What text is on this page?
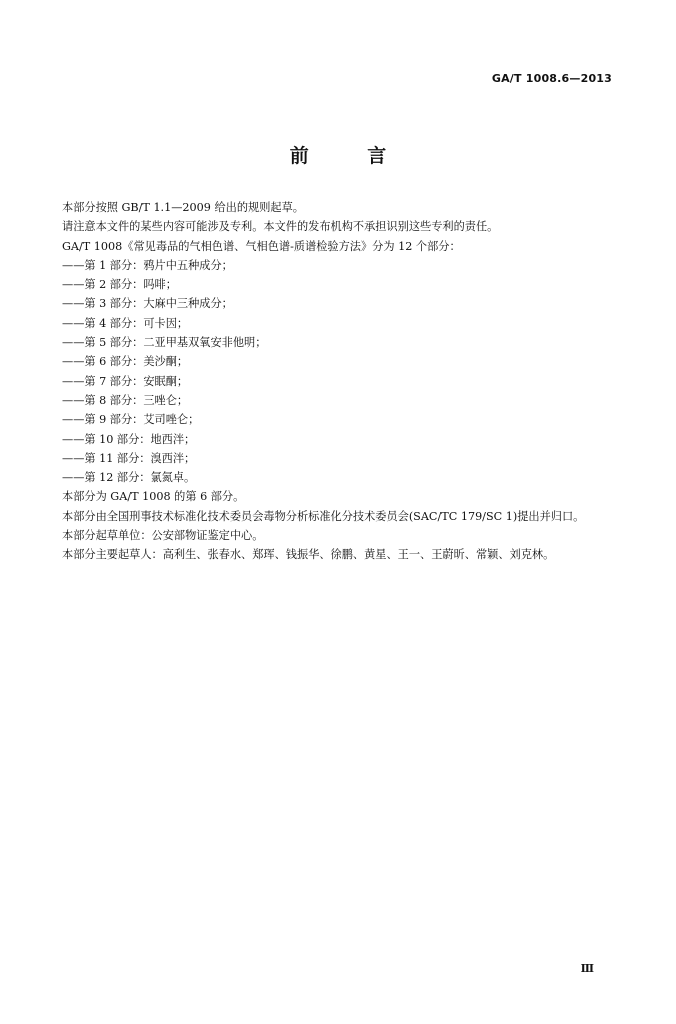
GA/T 1008.6—2013
前 言

本部分按照 GB/T 1.1—2009 给出的规则起草。

请注意本文件的某些内容可能涉及专利。本文件的发布机构不承担识别这些专利的责任。

GA/T 1008《常见毒品的气相色谱、气相色谱-质谱检验方法》分为 12 个部分：

——第 1 部分：鸦片中五种成分；
——第 2 部分：吗啡；
——第 3 部分：大麻中三种成分；
——第 4 部分：可卡因；
——第 5 部分：二亚甲基双氧安非他明；
——第 6 部分：美沙酮；
——第 7 部分：安眠酮；
——第 8 部分：三唑仑；
——第 9 部分：艾司唑仑；
——第 10 部分：地西泮；
——第 11 部分：溴西泮；
——第 12 部分：氯氮卓。

本部分为 GA/T 1008 的第 6 部分。

本部分由全国刑事技术标准化技术委员会毒物分析标准化分技术委员会(SAC/TC 179/SC 1)提出并归口。

本部分起草单位：公安部物证鉴定中心。

本部分主要起草人：高利生、张春水、郑珲、钱振华、徐鹏、黄星、王一、王蔚昕、常颖、刘克林。

Ⅲ
